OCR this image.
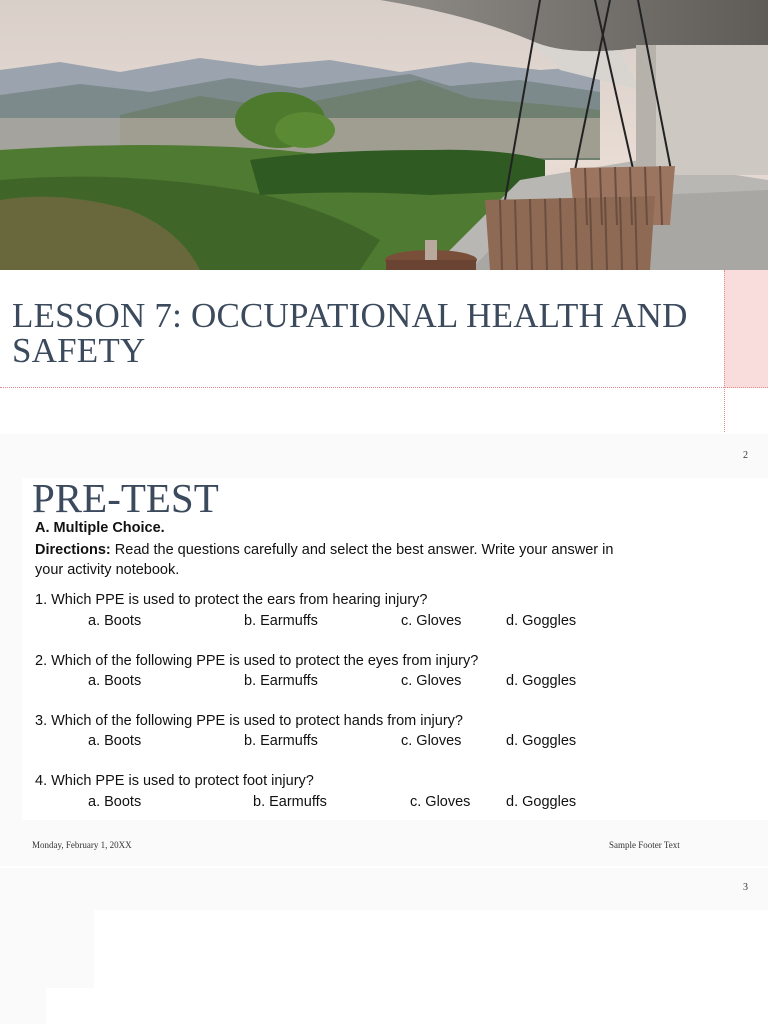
LESSON 7: OCCUPATIONAL HEALTH AND
SAFETY
2
PRE-TEST
A. Multiple Choice.
Directions: Read the questions carefully and select the best answer. Write your answer in
your activity notebook.
1. Which PPE is used to protect the ears from hearing injury?
a. Boots	b. Earmuffs	c. Gloves	d. Goggles
2. Which of the following PPE is used to protect the eyes from injury?
a. Boots	b. Earmuffs	c. Gloves	d. Goggles
3. Which of the following PPE is used to protect hands from injury?
a. Boots	b. Earmuffs	c. Gloves	d. Goggles
4. Which PPE is used to protect foot injury?
a. Boots	b. Earmuffs	c. Gloves d. Goggles
Monday, February 1, 20XX	Sample Footer Text
3
